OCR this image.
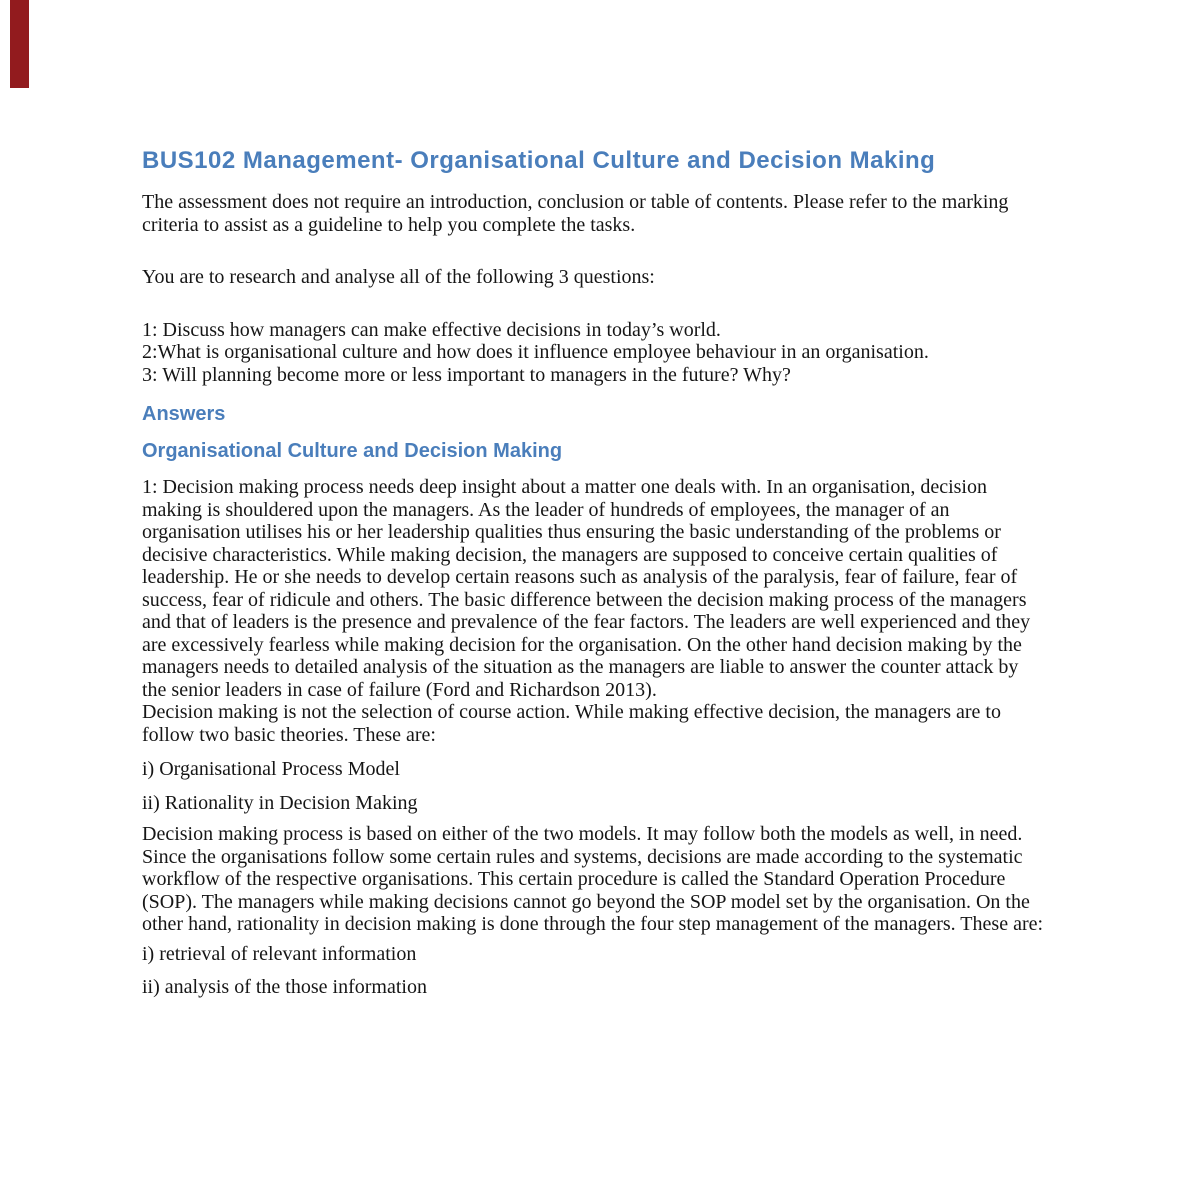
BUS102 Management- Organisational Culture and Decision Making

The assessment does not require an introduction, conclusion or table of contents. Please refer to the marking criteria to assist as a guideline to help you complete the tasks.

You are to research and analyse all of the following 3 questions:

1: Discuss how managers can make effective decisions in today’s world.

2:What is organisational culture and how does it influence employee behaviour in an organisation.

3: Will planning become more or less important to managers in the future? Why?

Answers
Organisational Culture and Decision Making

1: Decision making process needs deep insight about a matter one deals with. In an organisation, decision making is shouldered upon the managers. As the leader of hundreds of employees, the manager of an organisation utilises his or her leadership qualities thus ensuring the basic understanding of the problems or decisive characteristics. While making decision, the managers are supposed to conceive certain qualities of leadership. He or she needs to develop certain reasons such as analysis of the paralysis, fear of failure, fear of success, fear of ridicule and others. The basic difference between the decision making process of the managers and that of leaders is the presence and prevalence of the fear factors. The leaders are well experienced and they are excessively fearless while making decision for the organisation. On the other hand decision making by the managers needs to detailed analysis of the situation as the managers are liable to answer the counter attack by the senior leaders in case of failure (Ford and Richardson 2013).

Decision making is not the selection of course action. While making effective decision, the managers are to follow two basic theories. These are:

i) Organisational Process Model

ii) Rationality in Decision Making

Decision making process is based on either of the two models. It may follow both the models as well, in need. Since the organisations follow some certain rules and systems, decisions are made according to the systematic workflow of the respective organisations. This certain procedure is called the Standard Operation Procedure (SOP). The managers while making decisions cannot go beyond the SOP model set by the organisation. On the other hand, rationality in decision making is done through the four step management of the managers. These are:

i) retrieval of relevant information

ii) analysis of the those information
